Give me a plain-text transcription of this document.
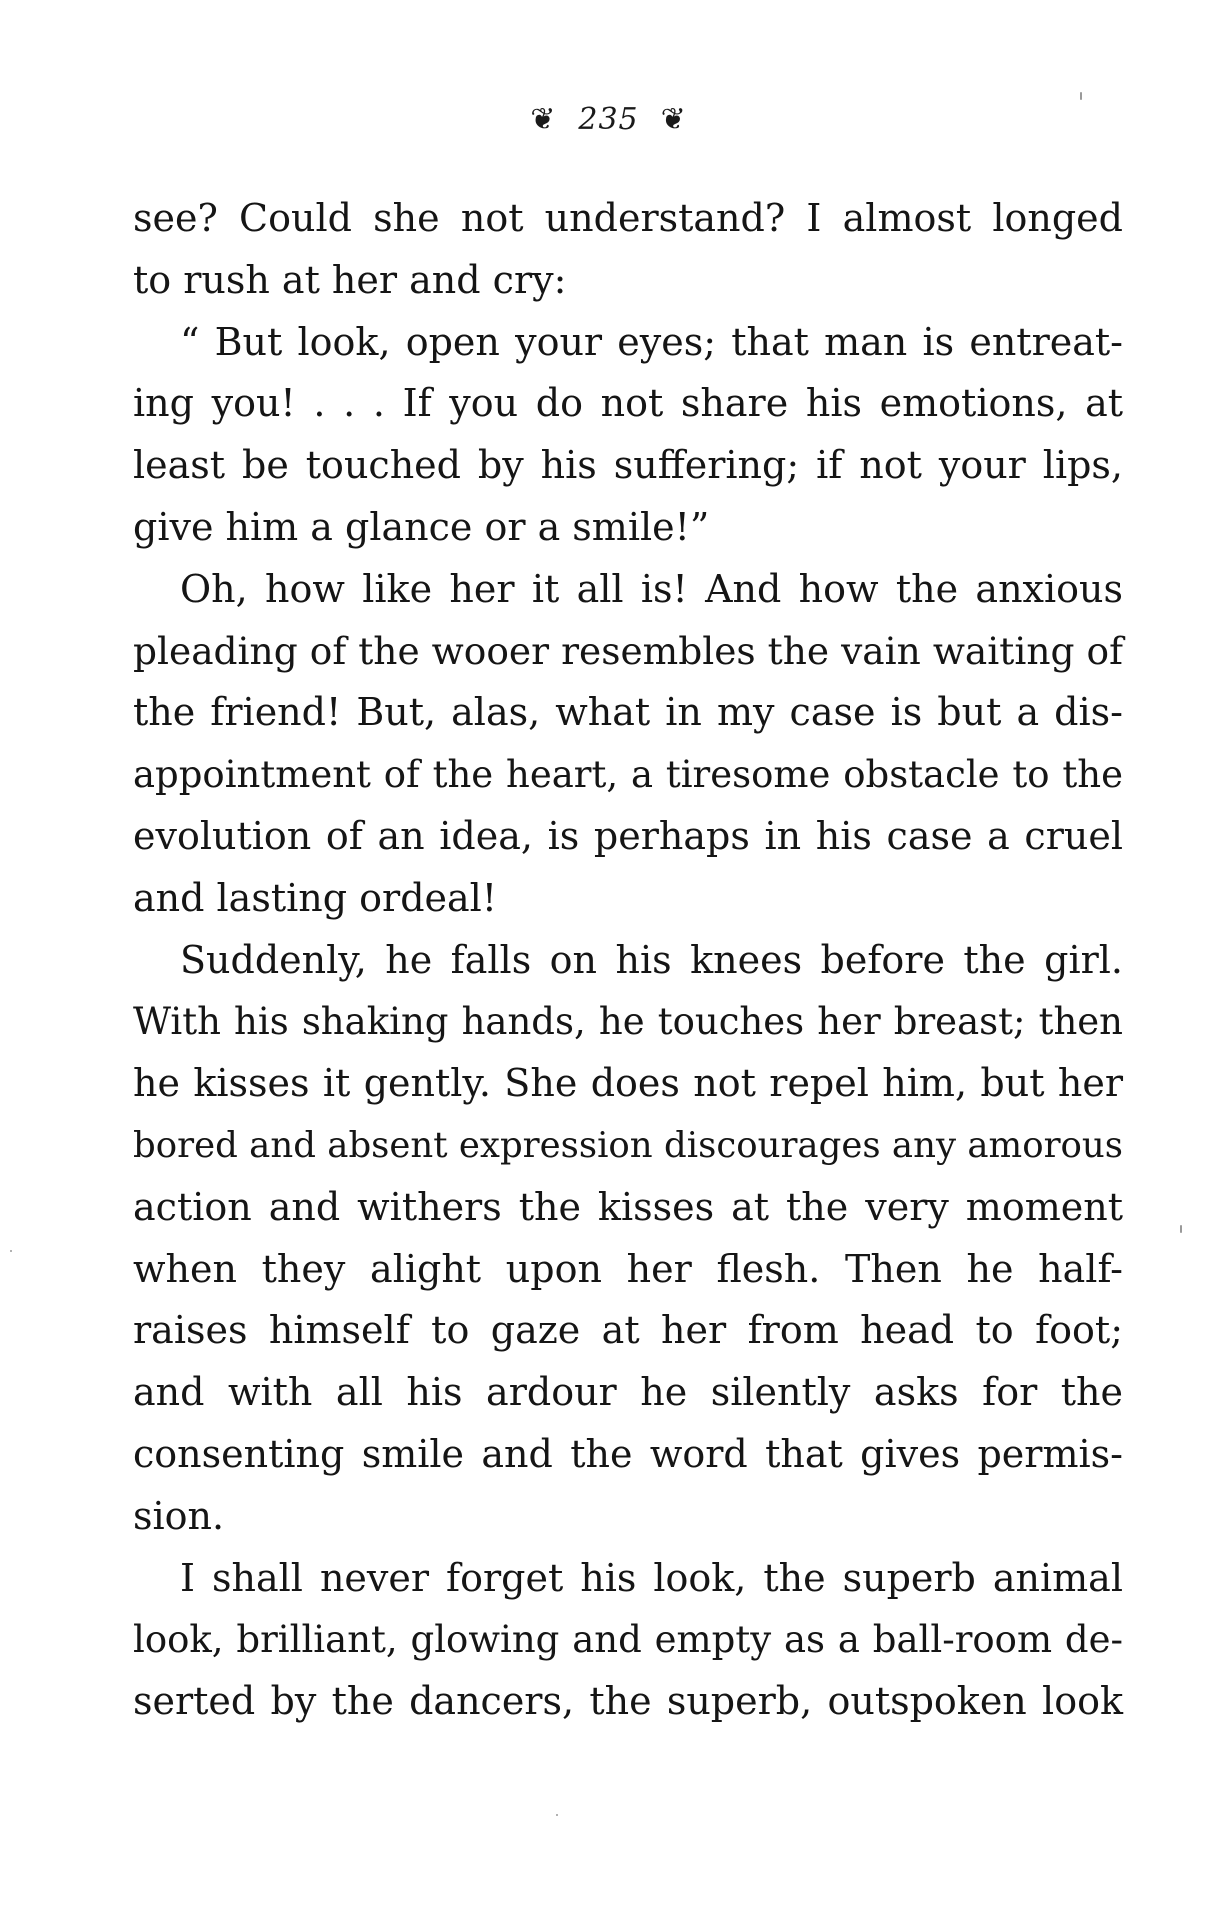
❦ 235 ❦
see? Could she not understand? I almost longed
to rush at her and cry:
“ But look, open your eyes; that man is entreat-
ing you! . . . If you do not share his emotions, at
least be touched by his suffering; if not your lips,
give him a glance or a smile!”
Oh, how like her it all is! And how the anxious
pleading of the wooer resembles the vain waiting of
the friend! But, alas, what in my case is but a dis-
appointment of the heart, a tiresome obstacle to the
evolution of an idea, is perhaps in his case a cruel
and lasting ordeal!
Suddenly, he falls on his knees before the girl.
With his shaking hands, he touches her breast; then
he kisses it gently. She does not repel him, but her
bored and absent expression discourages any amorous
action and withers the kisses at the very moment
when they alight upon her flesh. Then he half-
raises himself to gaze at her from head to foot;
and with all his ardour he silently asks for the
consenting smile and the word that gives permis-
sion.
I shall never forget his look, the superb animal
look, brilliant, glowing and empty as a ball-room de-
serted by the dancers, the superb, outspoken look
